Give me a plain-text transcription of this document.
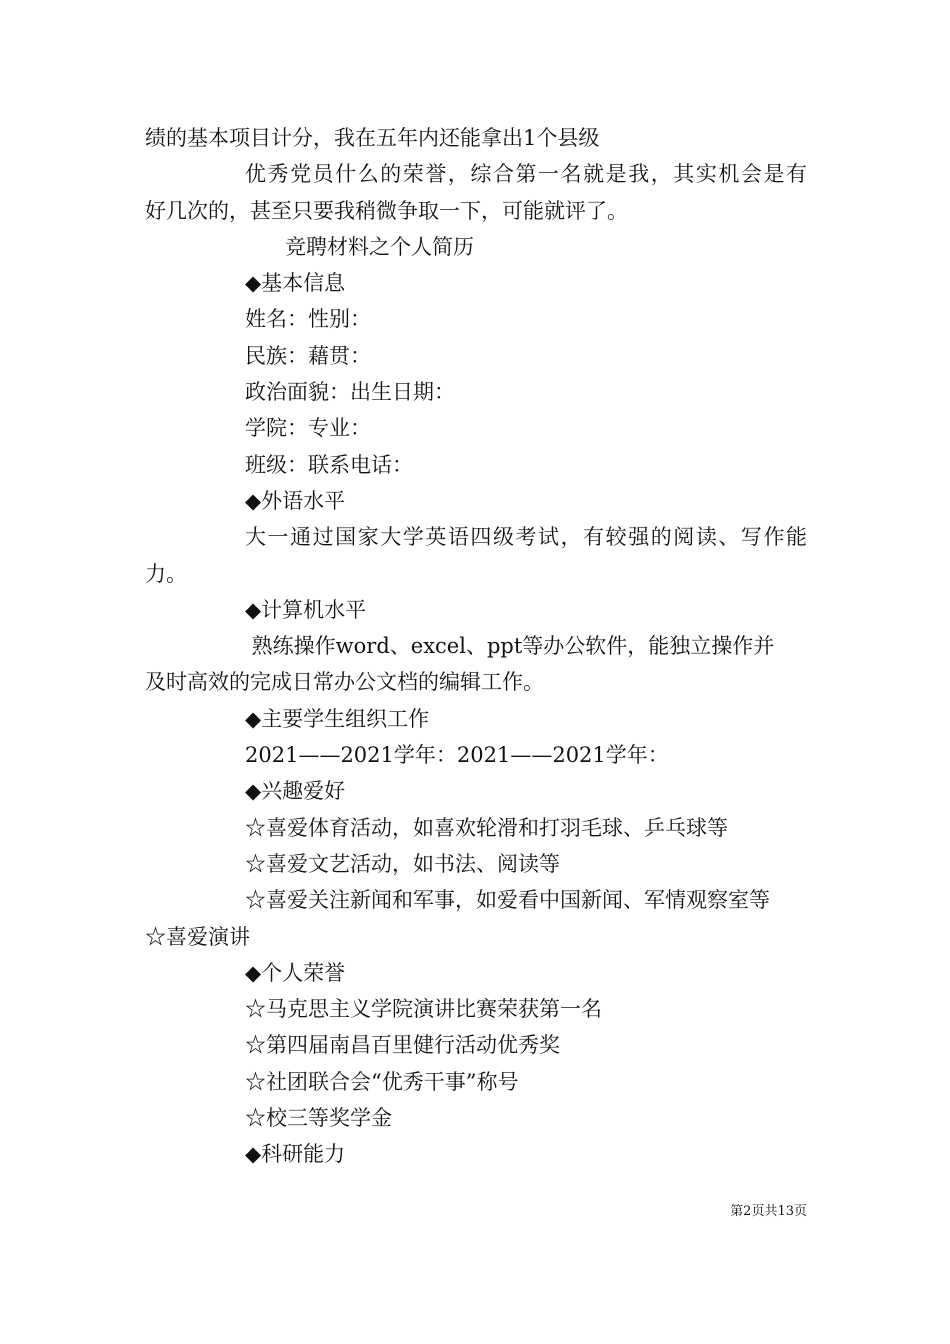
绩的基本项目计分，我在五年内还能拿出1个县级
优秀党员什么的荣誉，综合第一名就是我，其实机会是有
好几次的，甚至只要我稍微争取一下，可能就评了。
竞聘材料之个人简历
◆基本信息
姓名：性别：
民族：藉贯：
政治面貌：出生日期：
学院：专业：
班级：联系电话：
◆外语水平
大一通过国家大学英语四级考试，有较强的阅读、写作能
力。
◆计算机水平
熟练操作word、excel、ppt等办公软件，能独立操作并
及时高效的完成日常办公文档的编辑工作。
◆主要学生组织工作
2021——2021学年：2021——2021学年：
◆兴趣爱好
☆喜爱体育活动，如喜欢轮滑和打羽毛球、乒乓球等
☆喜爱文艺活动，如书法、阅读等
☆喜爱关注新闻和军事，如爱看中国新闻、军情观察室等
☆喜爱演讲
◆个人荣誉
☆马克思主义学院演讲比赛荣获第一名
☆第四届南昌百里健行活动优秀奖
☆社团联合会“优秀干事”称号
☆校三等奖学金
◆科研能力
第2页共13页
